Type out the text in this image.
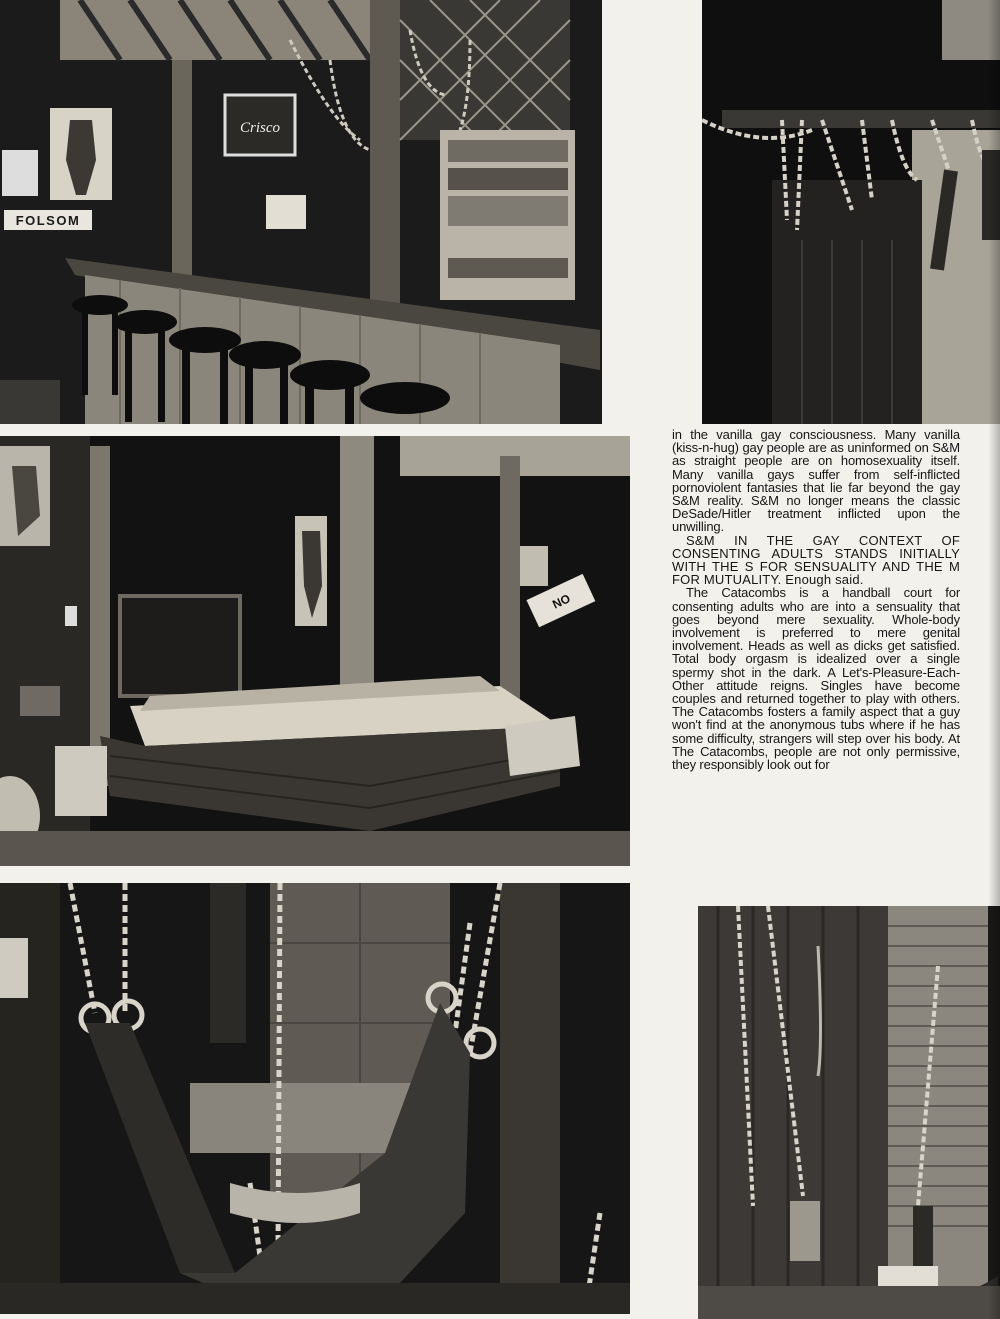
Crisco
FOLSOM
NO

in the vanilla gay consciousness. Many vanilla (kiss-n-hug) gay people are as uninformed on S&M as straight people are on homosexuality itself. Many vanilla gays suffer from self-inflicted pornoviolent fantasies that lie far beyond the gay S&M reality. S&M no longer means the classic DeSade/Hitler treatment inflicted upon the unwilling.

S&M IN THE GAY CONTEXT OF CONSENTING ADULTS STANDS INITIALLY WITH THE S FOR SENSUALITY AND THE M FOR MUTUALITY. Enough said.

The Catacombs is a handball court for consenting adults who are into a sensuality that goes beyond mere sexuality. Whole-body involvement is preferred to mere genital involvement. Heads as well as dicks get satisfied. Total body orgasm is idealized over a single spermy shot in the dark. A Let's-Pleasure-Each-Other attitude reigns. Singles have become couples and returned together to play with others. The Catacombs fosters a family aspect that a guy won't find at the anonymous tubs where if he has some difficulty, strangers will step over his body. At The Catacombs, people are not only permissive, they responsibly look out for
